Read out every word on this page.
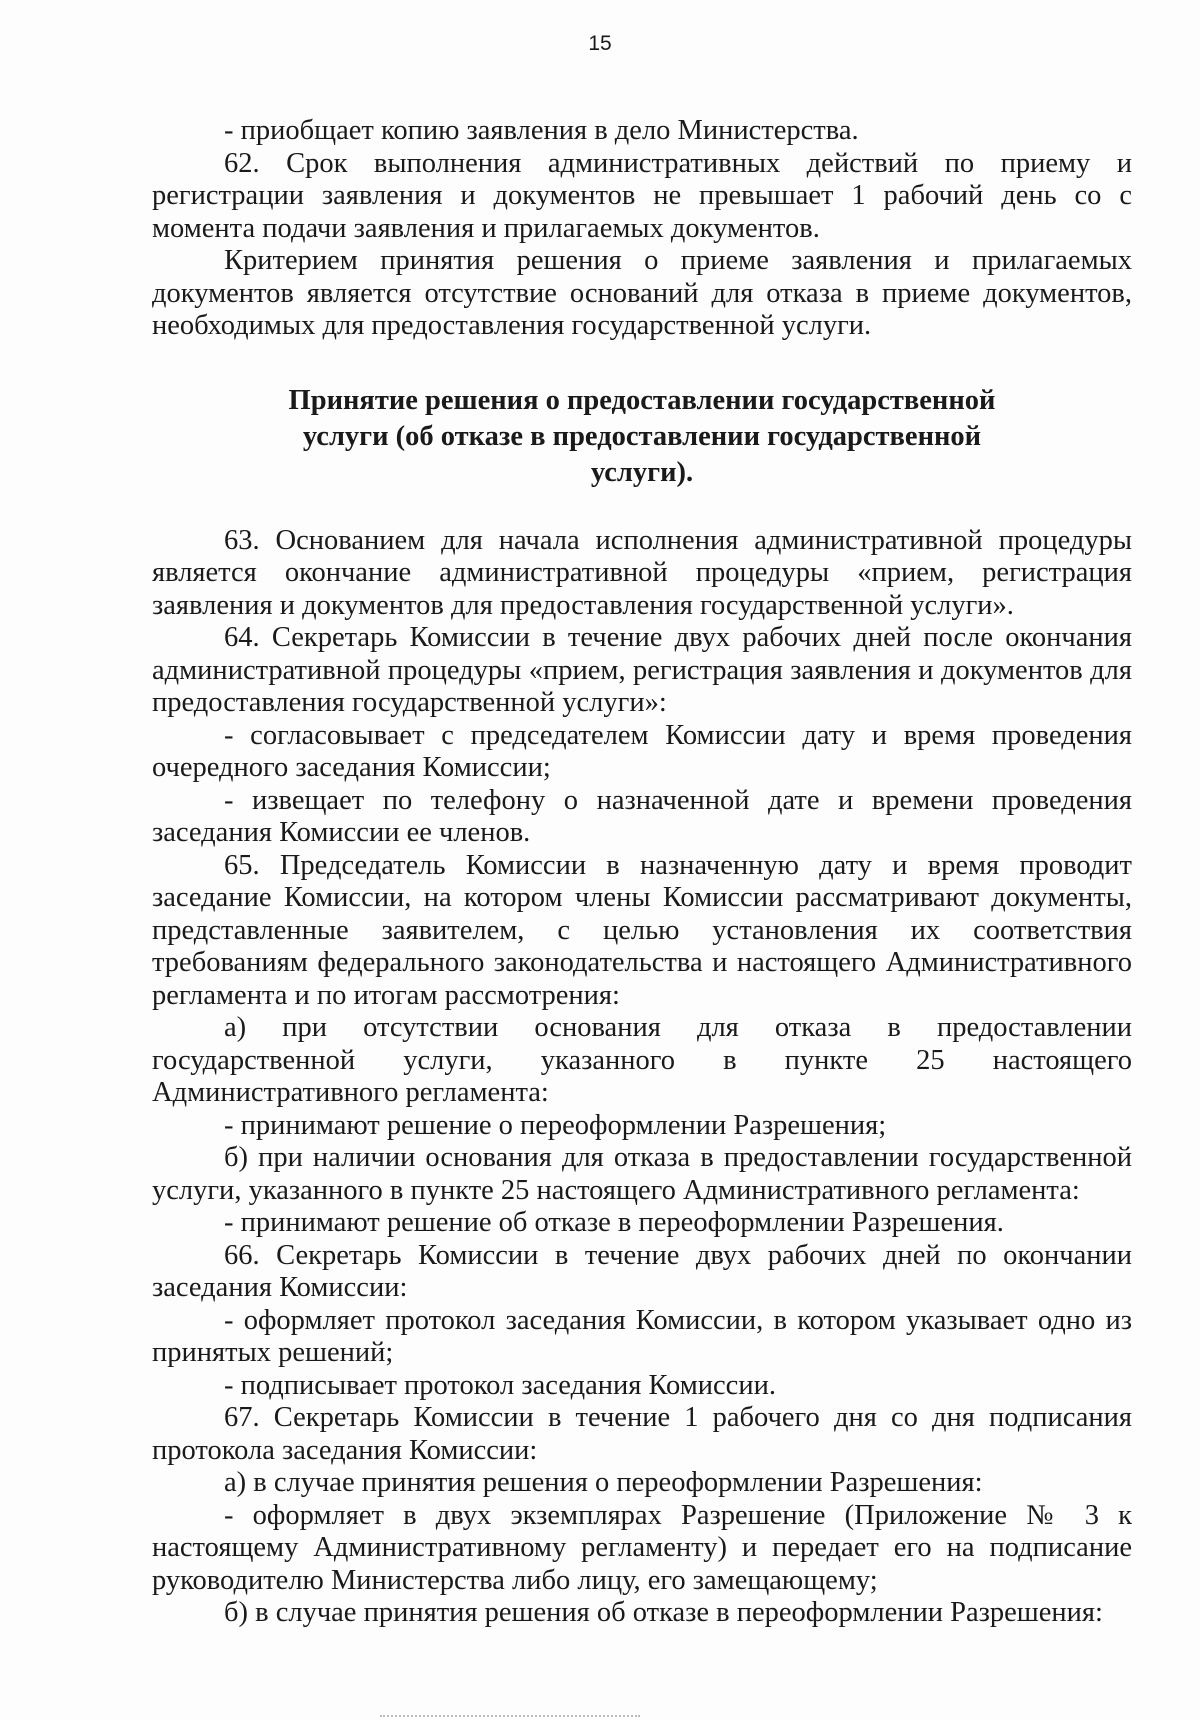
15

- приобщает копию заявления в дело Министерства.

62. Срок выполнения административных действий по приему и регистрации заявления и документов не превышает 1 рабочий день со с момента подачи заявления и прилагаемых документов.

Критерием принятия решения о приеме заявления и прилагаемых документов является отсутствие оснований для отказа в приеме документов, необходимых для предоставления государственной услуги.

Принятие решения о предоставлении государственной услуги (об отказе в предоставлении государственной услуги).

63. Основанием для начала исполнения административной процедуры является окончание административной процедуры «прием, регистрация заявления и документов для предоставления государственной услуги».

64. Секретарь Комиссии в течение двух рабочих дней после окончания административной процедуры «прием, регистрация заявления и документов для предоставления государственной услуги»:

- согласовывает с председателем Комиссии дату и время проведения очередного заседания Комиссии;

- извещает по телефону о назначенной дате и времени проведения заседания Комиссии ее членов.

65. Председатель Комиссии в назначенную дату и время проводит заседание Комиссии, на котором члены Комиссии рассматривают документы, представленные заявителем, с целью установления их соответствия требованиям федерального законодательства и настоящего Административного регламента и по итогам рассмотрения:

а) при отсутствии основания для отказа в предоставлении государственной услуги, указанного в пункте 25 настоящего Административного регламента:

- принимают решение о переоформлении Разрешения;

б) при наличии основания для отказа в предоставлении государственной услуги, указанного в пункте 25 настоящего Административного регламента:

- принимают решение об отказе в переоформлении Разрешения.

66. Секретарь Комиссии в течение двух рабочих дней по окончании заседания Комиссии:

- оформляет протокол заседания Комиссии, в котором указывает одно из принятых решений;

- подписывает протокол заседания Комиссии.

67. Секретарь Комиссии в течение 1 рабочего дня со дня подписания протокола заседания Комиссии:

а) в случае принятия решения о переоформлении Разрешения:

- оформляет в двух экземплярах Разрешение (Приложение № 3 к настоящему Административному регламенту) и передает его на подписание руководителю Министерства либо лицу, его замещающему;

б) в случае принятия решения об отказе в переоформлении Разрешения:
